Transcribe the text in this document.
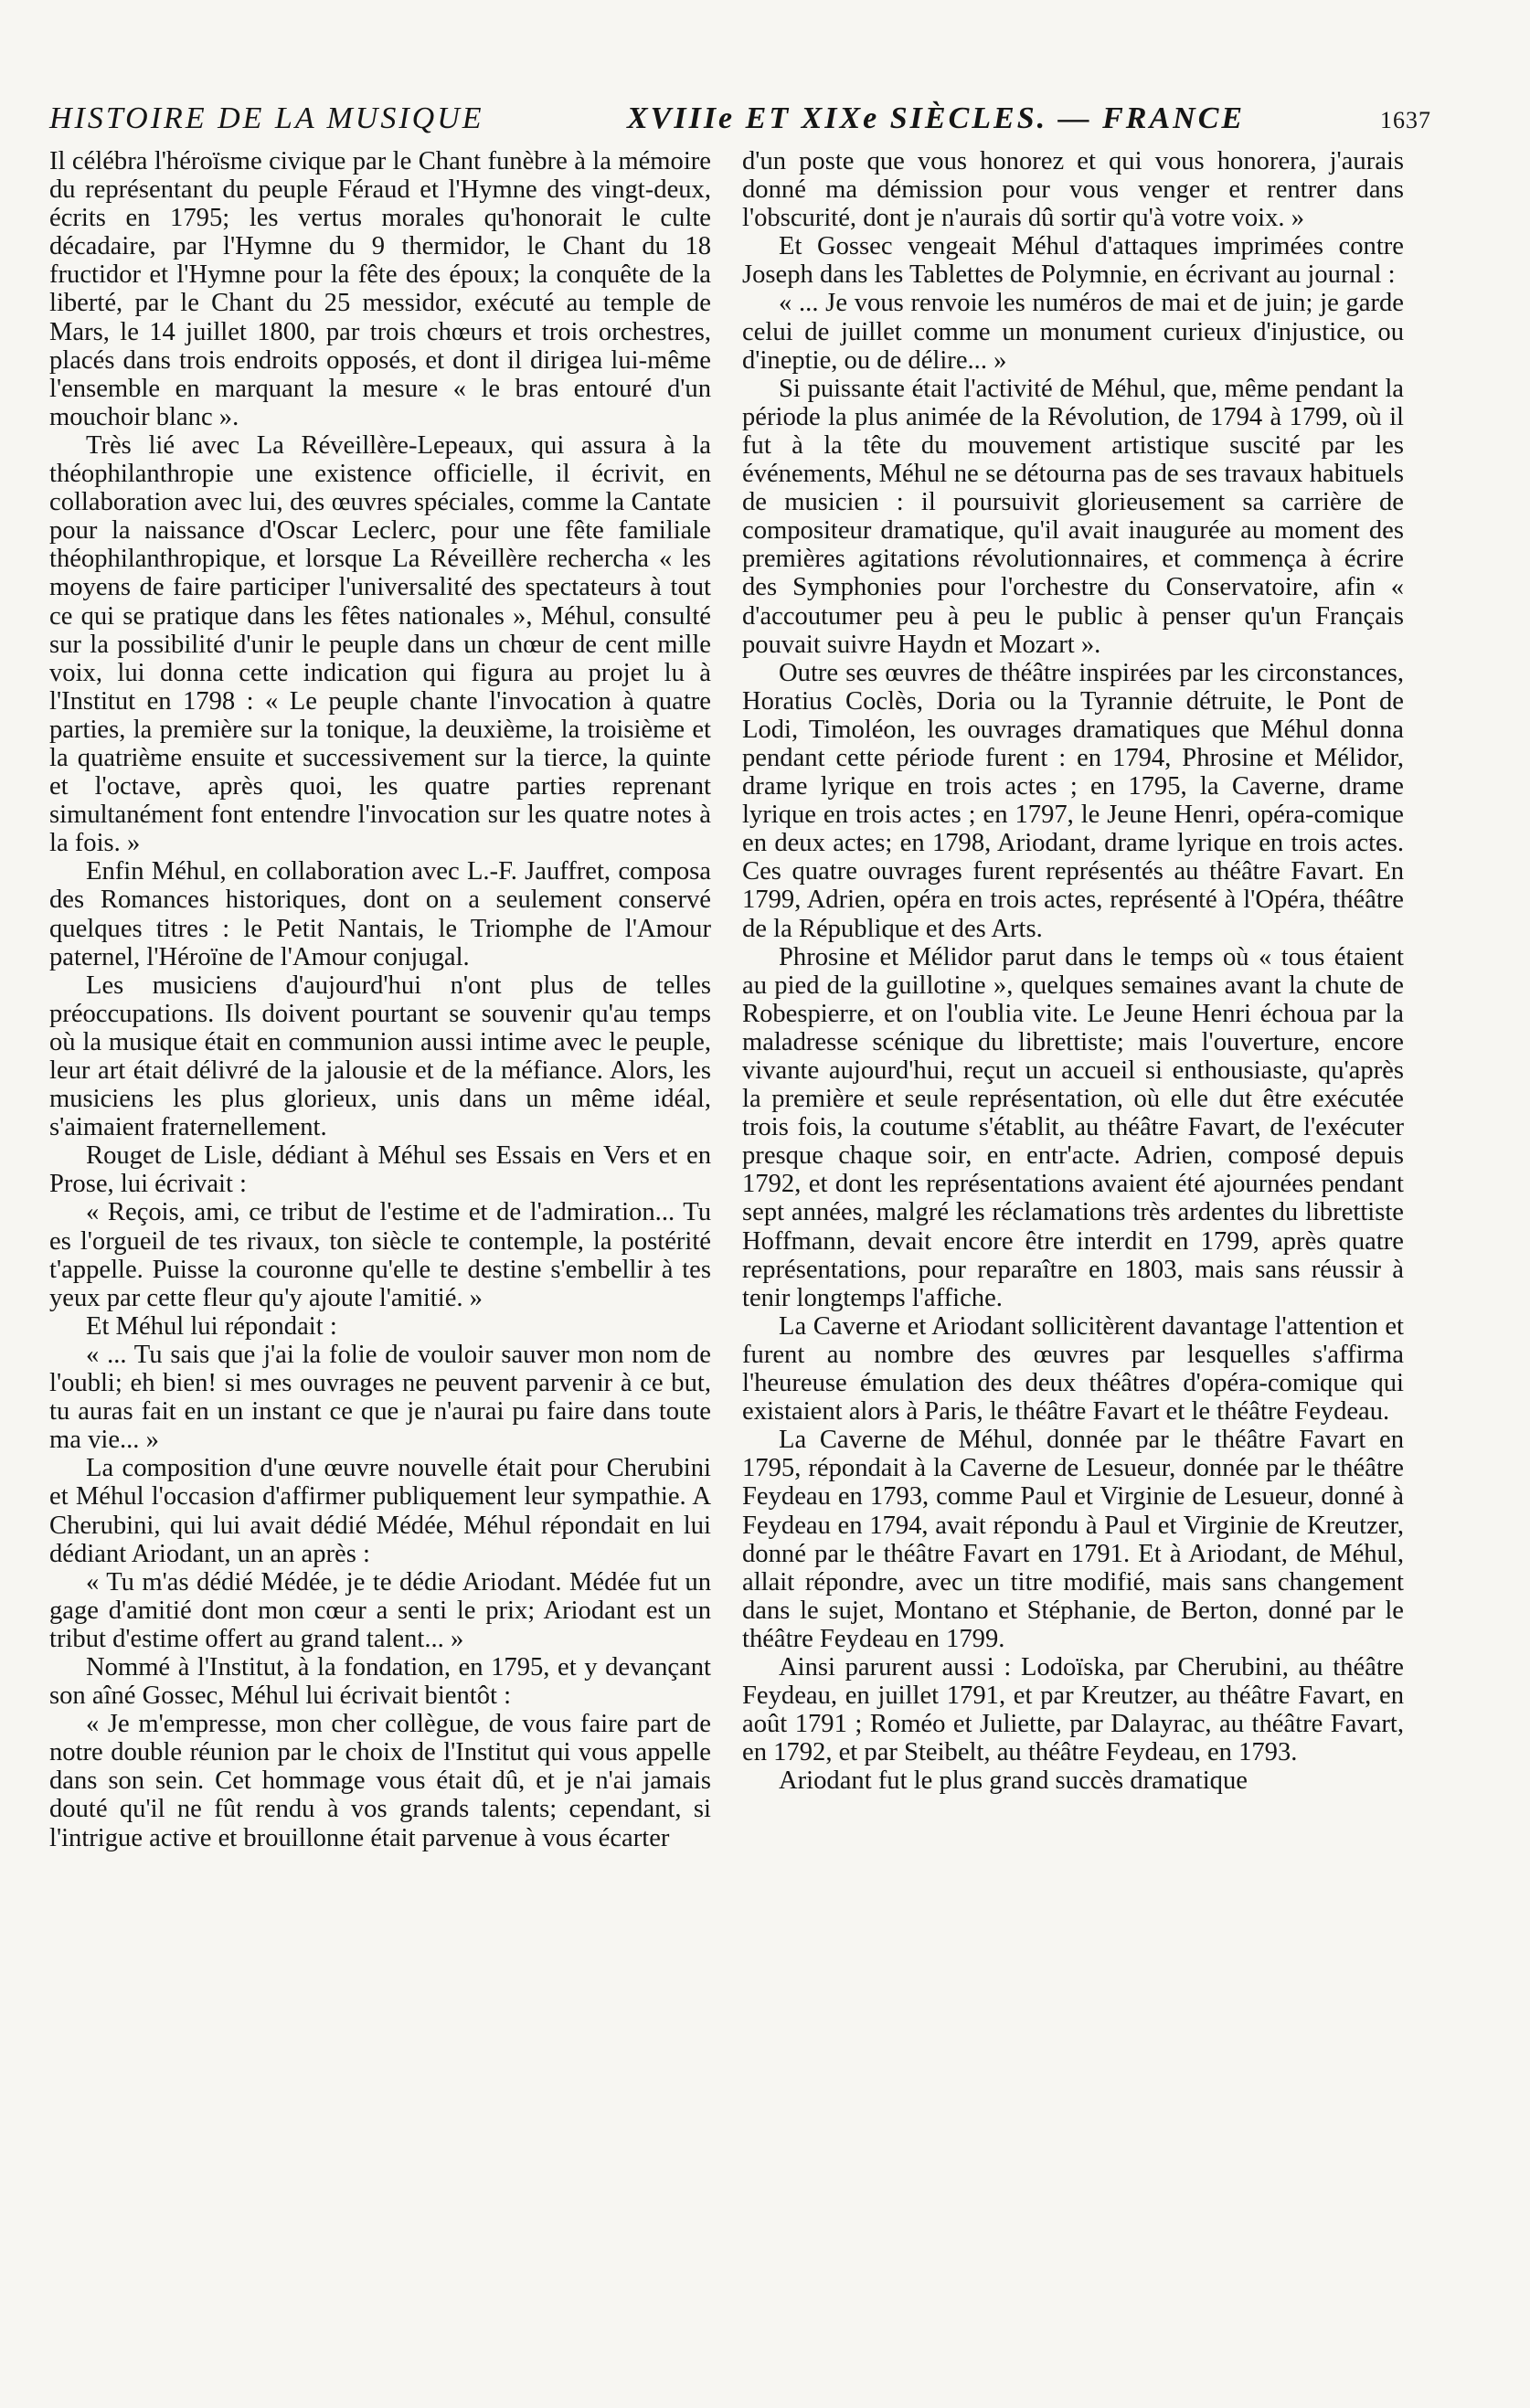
HISTOIRE DE LA MUSIQUE	XVIIIe ET XIXe SIÈCLES. — FRANCE	1637

Il célébra l'héroïsme civique par le Chant funèbre à la mémoire du représentant du peuple Féraud et l'Hymne des vingt-deux, écrits en 1795; les vertus morales qu'honorait le culte décadaire, par l'Hymne du 9 thermidor, le Chant du 18 fructidor et l'Hymne pour la fête des époux; la conquête de la liberté, par le Chant du 25 messidor, exécuté au temple de Mars, le 14 juillet 1800, par trois chœurs et trois orchestres, placés dans trois endroits opposés, et dont il dirigea lui-même l'ensemble en marquant la mesure « le bras entouré d'un mouchoir blanc ».

Très lié avec La Réveillère-Lepeaux, qui assura à la théophilanthropie une existence officielle, il écrivit, en collaboration avec lui, des œuvres spéciales, comme la Cantate pour la naissance d'Oscar Leclerc, pour une fête familiale théophilanthropique, et lorsque La Réveillère rechercha « les moyens de faire participer l'universalité des spectateurs à tout ce qui se pratique dans les fêtes nationales », Méhul, consulté sur la possibilité d'unir le peuple dans un chœur de cent mille voix, lui donna cette indication qui figura au projet lu à l'Institut en 1798 : « Le peuple chante l'invocation à quatre parties, la première sur la tonique, la deuxième, la troisième et la quatrième ensuite et successivement sur la tierce, la quinte et l'octave, après quoi, les quatre parties reprenant simultanément font entendre l'invocation sur les quatre notes à la fois. »

Enfin Méhul, en collaboration avec L.-F. Jauffret, composa des Romances historiques, dont on a seulement conservé quelques titres : le Petit Nantais, le Triomphe de l'Amour paternel, l'Héroïne de l'Amour conjugal.

Les musiciens d'aujourd'hui n'ont plus de telles préoccupations. Ils doivent pourtant se souvenir qu'au temps où la musique était en communion aussi intime avec le peuple, leur art était délivré de la jalousie et de la méfiance. Alors, les musiciens les plus glorieux, unis dans un même idéal, s'aimaient fraternellement.

Rouget de Lisle, dédiant à Méhul ses Essais en Vers et en Prose, lui écrivait :

« Reçois, ami, ce tribut de l'estime et de l'admiration... Tu es l'orgueil de tes rivaux, ton siècle te contemple, la postérité t'appelle. Puisse la couronne qu'elle te destine s'embellir à tes yeux par cette fleur qu'y ajoute l'amitié. »

Et Méhul lui répondait :

« ... Tu sais que j'ai la folie de vouloir sauver mon nom de l'oubli; eh bien! si mes ouvrages ne peuvent parvenir à ce but, tu auras fait en un instant ce que je n'aurai pu faire dans toute ma vie... »

La composition d'une œuvre nouvelle était pour Cherubini et Méhul l'occasion d'affirmer publiquement leur sympathie. A Cherubini, qui lui avait dédié Médée, Méhul répondait en lui dédiant Ariodant, un an après :

« Tu m'as dédié Médée, je te dédie Ariodant. Médée fut un gage d'amitié dont mon cœur a senti le prix; Ariodant est un tribut d'estime offert au grand talent... »

Nommé à l'Institut, à la fondation, en 1795, et y devançant son aîné Gossec, Méhul lui écrivait bientôt :

« Je m'empresse, mon cher collègue, de vous faire part de notre double réunion par le choix de l'Institut qui vous appelle dans son sein. Cet hommage vous était dû, et je n'ai jamais douté qu'il ne fût rendu à vos grands talents; cependant, si l'intrigue active et brouillonne était parvenue à vous écarter

d'un poste que vous honorez et qui vous honorera, j'aurais donné ma démission pour vous venger et rentrer dans l'obscurité, dont je n'aurais dû sortir qu'à votre voix. »

Et Gossec vengeait Méhul d'attaques imprimées contre Joseph dans les Tablettes de Polymnie, en écrivant au journal :

« ... Je vous renvoie les numéros de mai et de juin; je garde celui de juillet comme un monument curieux d'injustice, ou d'ineptie, ou de délire... »

Si puissante était l'activité de Méhul, que, même pendant la période la plus animée de la Révolution, de 1794 à 1799, où il fut à la tête du mouvement artistique suscité par les événements, Méhul ne se détourna pas de ses travaux habituels de musicien : il poursuivit glorieusement sa carrière de compositeur dramatique, qu'il avait inaugurée au moment des premières agitations révolutionnaires, et commença à écrire des Symphonies pour l'orchestre du Conservatoire, afin « d'accoutumer peu à peu le public à penser qu'un Français pouvait suivre Haydn et Mozart ».

Outre ses œuvres de théâtre inspirées par les circonstances, Horatius Coclès, Doria ou la Tyrannie détruite, le Pont de Lodi, Timoléon, les ouvrages dramatiques que Méhul donna pendant cette période furent : en 1794, Phrosine et Mélidor, drame lyrique en trois actes ; en 1795, la Caverne, drame lyrique en trois actes ; en 1797, le Jeune Henri, opéra-comique en deux actes; en 1798, Ariodant, drame lyrique en trois actes. Ces quatre ouvrages furent représentés au théâtre Favart. En 1799, Adrien, opéra en trois actes, représenté à l'Opéra, théâtre de la République et des Arts.

Phrosine et Mélidor parut dans le temps où « tous étaient au pied de la guillotine », quelques semaines avant la chute de Robespierre, et on l'oublia vite. Le Jeune Henri échoua par la maladresse scénique du librettiste; mais l'ouverture, encore vivante aujourd'hui, reçut un accueil si enthousiaste, qu'après la première et seule représentation, où elle dut être exécutée trois fois, la coutume s'établit, au théâtre Favart, de l'exécuter presque chaque soir, en entr'acte. Adrien, composé depuis 1792, et dont les représentations avaient été ajournées pendant sept années, malgré les réclamations très ardentes du librettiste Hoffmann, devait encore être interdit en 1799, après quatre représentations, pour reparaître en 1803, mais sans réussir à tenir longtemps l'affiche.

La Caverne et Ariodant sollicitèrent davantage l'attention et furent au nombre des œuvres par lesquelles s'affirma l'heureuse émulation des deux théâtres d'opéra-comique qui existaient alors à Paris, le théâtre Favart et le théâtre Feydeau.

La Caverne de Méhul, donnée par le théâtre Favart en 1795, répondait à la Caverne de Lesueur, donnée par le théâtre Feydeau en 1793, comme Paul et Virginie de Lesueur, donné à Feydeau en 1794, avait répondu à Paul et Virginie de Kreutzer, donné par le théâtre Favart en 1791. Et à Ariodant, de Méhul, allait répondre, avec un titre modifié, mais sans changement dans le sujet, Montano et Stéphanie, de Berton, donné par le théâtre Feydeau en 1799.

Ainsi parurent aussi : Lodoïska, par Cherubini, au théâtre Feydeau, en juillet 1791, et par Kreutzer, au théâtre Favart, en août 1791 ; Roméo et Juliette, par Dalayrac, au théâtre Favart, en 1792, et par Steibelt, au théâtre Feydeau, en 1793.

Ariodant fut le plus grand succès dramatique
